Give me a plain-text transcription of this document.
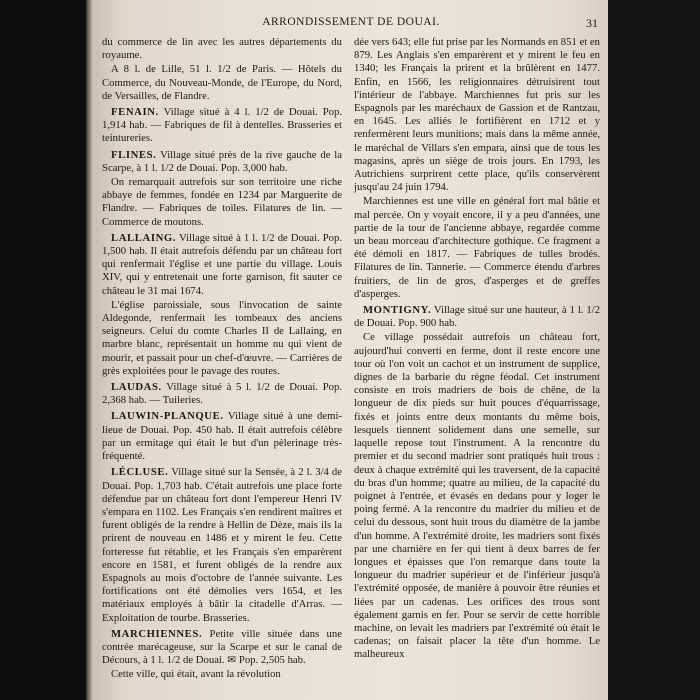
ARRONDISSEMENT DE DOUAI.	31

du commerce de lin avec les autres départements du royaume.

A 8 l. de Lille, 51 l. 1/2 de Paris. — Hôtels du Commerce, du Nouveau-Monde, de l'Europe, du Nord, de Versailles, de Flandre.

FENAIN. Village situé à 4 l. 1/2 de Douai. Pop. 1,914 hab. — Fabriques de fil à dentelles. Brasseries et teintureries.

FLINES. Village situé près de la rive gauche de la Scarpe, à 1 l. 1/2 de Douai. Pop. 3,000 hab.

On remarquait autrefois sur son territoire une riche abbaye de femmes, fondée en 1234 par Marguerite de Flandre. — Fabriques de toiles. Filatures de lin. — Commerce de moutons.

LALLAING. Village situé à 1 l. 1/2 de Douai. Pop. 1,500 hab. Il était autrefois défendu par un château fort qui renfermait l'église et une partie du village. Louis XIV, qui y entretenait une forte garnison, fit sauter ce château le 31 mai 1674.

L'église paroissiale, sous l'invocation de sainte Aldegonde, renfermait les tombeaux des anciens seigneurs. Celui du comte Charles II de Lallaing, en marbre blanc, représentait un homme nu qui vient de mourir, et passait pour un chef-d'œuvre. — Carrières de grès exploitées pour le pavage des routes.

LAUDAS. Village situé à 5 l. 1/2 de Douai. Pop. 2,368 hab. — Tuileries.

LAUWIN-PLANQUE. Village situé à une demi-lieue de Douai. Pop. 450 hab. Il était autrefois célèbre par un ermitage qui était le but d'un pèlerinage très-fréquenté.

LÉCLUSE. Village situé sur la Sensée, à 2 l. 3/4 de Douai. Pop. 1,703 hab. C'était autrefois une place forte défendue par un château fort dont l'empereur Henri IV s'empara en 1102. Les Français s'en rendirent maîtres et furent obligés de la rendre à Hellin de Dèze, mais ils la prirent de nouveau en 1486 et y mirent le feu. Cette forteresse fut rétablie, et les Français s'en emparèrent encore en 1581, et furent obligés de la rendre aux Espagnols au mois d'octobre de l'année suivante. Les fortifications ont été démolies vers 1654, et les matériaux employés à bâtir la citadelle d'Arras. — Exploitation de tourbe. Brasseries.

MARCHIENNES. Petite ville située dans une contrée marécageuse, sur la Scarpe et sur le canal de Décours, à 1 l. 1/2 de Douai. ✉ Pop. 2,505 hab.

Cette ville, qui était, avant la révolution

dée vers 643; elle fut prise par les Normands en 851 et en 879. Les Anglais s'en emparèrent et y mirent le feu en 1340; les Français la prirent et la brûlèrent en 1477. Enfin, en 1566, les religionnaires détruisirent tout l'intérieur de l'abbaye. Marchiennes fut pris sur les Espagnols par les maréchaux de Gassion et de Rantzau, en 1645. Les alliés le fortifièrent en 1712 et y renfermèrent leurs munitions; mais dans la même année, le maréchal de Villars s'en empara, ainsi que de tous les magasins, après un siège de trois jours. En 1793, les Autrichiens surprirent cette place, qu'ils conservèrent jusqu'au 24 juin 1794.

Marchiennes est une ville en général fort mal bâtie et mal percée. On y voyait encore, il y a peu d'années, une partie de la tour de l'ancienne abbaye, regardée comme un beau morceau d'architecture gothique. Ce fragment a été démoli en 1817. — Fabriques de tulles brodés. Filatures de lin. Tannerie. — Commerce étendu d'arbres fruitiers, de lin de gros, d'asperges et de greffes d'asperges.

MONTIGNY. Village situé sur une hauteur, à 1 l. 1/2 de Douai. Pop. 900 hab.

Ce village possédait autrefois un château fort, aujourd'hui converti en ferme, dont il reste encore une tour où l'on voit un cachot et un instrument de supplice, dignes de la barbarie du règne féodal. Cet instrument consiste en trois madriers de bois de chêne, de la longueur de dix pieds sur huit pouces d'équarrissage, fixés et joints entre deux montants du même bois, lesquels tiennent solidement dans une semelle, sur laquelle repose tout l'instrument. A la rencontre du premier et du second madrier sont pratiqués huit trous : deux à chaque extrémité qui les traversent, de la capacité du bras d'un homme; quatre au milieu, de la capacité du poignet à l'entrée, et évasés en dedans pour y loger le poing fermé. A la rencontre du madrier du milieu et de celui du dessous, sont huit trous du diamètre de la jambe d'un homme. A l'extrémité droite, les madriers sont fixés par une charnière en fer qui tient à deux barres de fer longues et épaisses que l'on remarque dans toute la longueur du madrier supérieur et de l'inférieur jusqu'à l'extrémité opposée, de manière à pouvoir être réunies et liées par un cadenas. Les orifices des trous sont également garnis en fer. Pour se servir de cette horrible machine, on levait les madriers par l'extrémité où était le cadenas; on faisait placer la tête d'un homme. Le malheureux
